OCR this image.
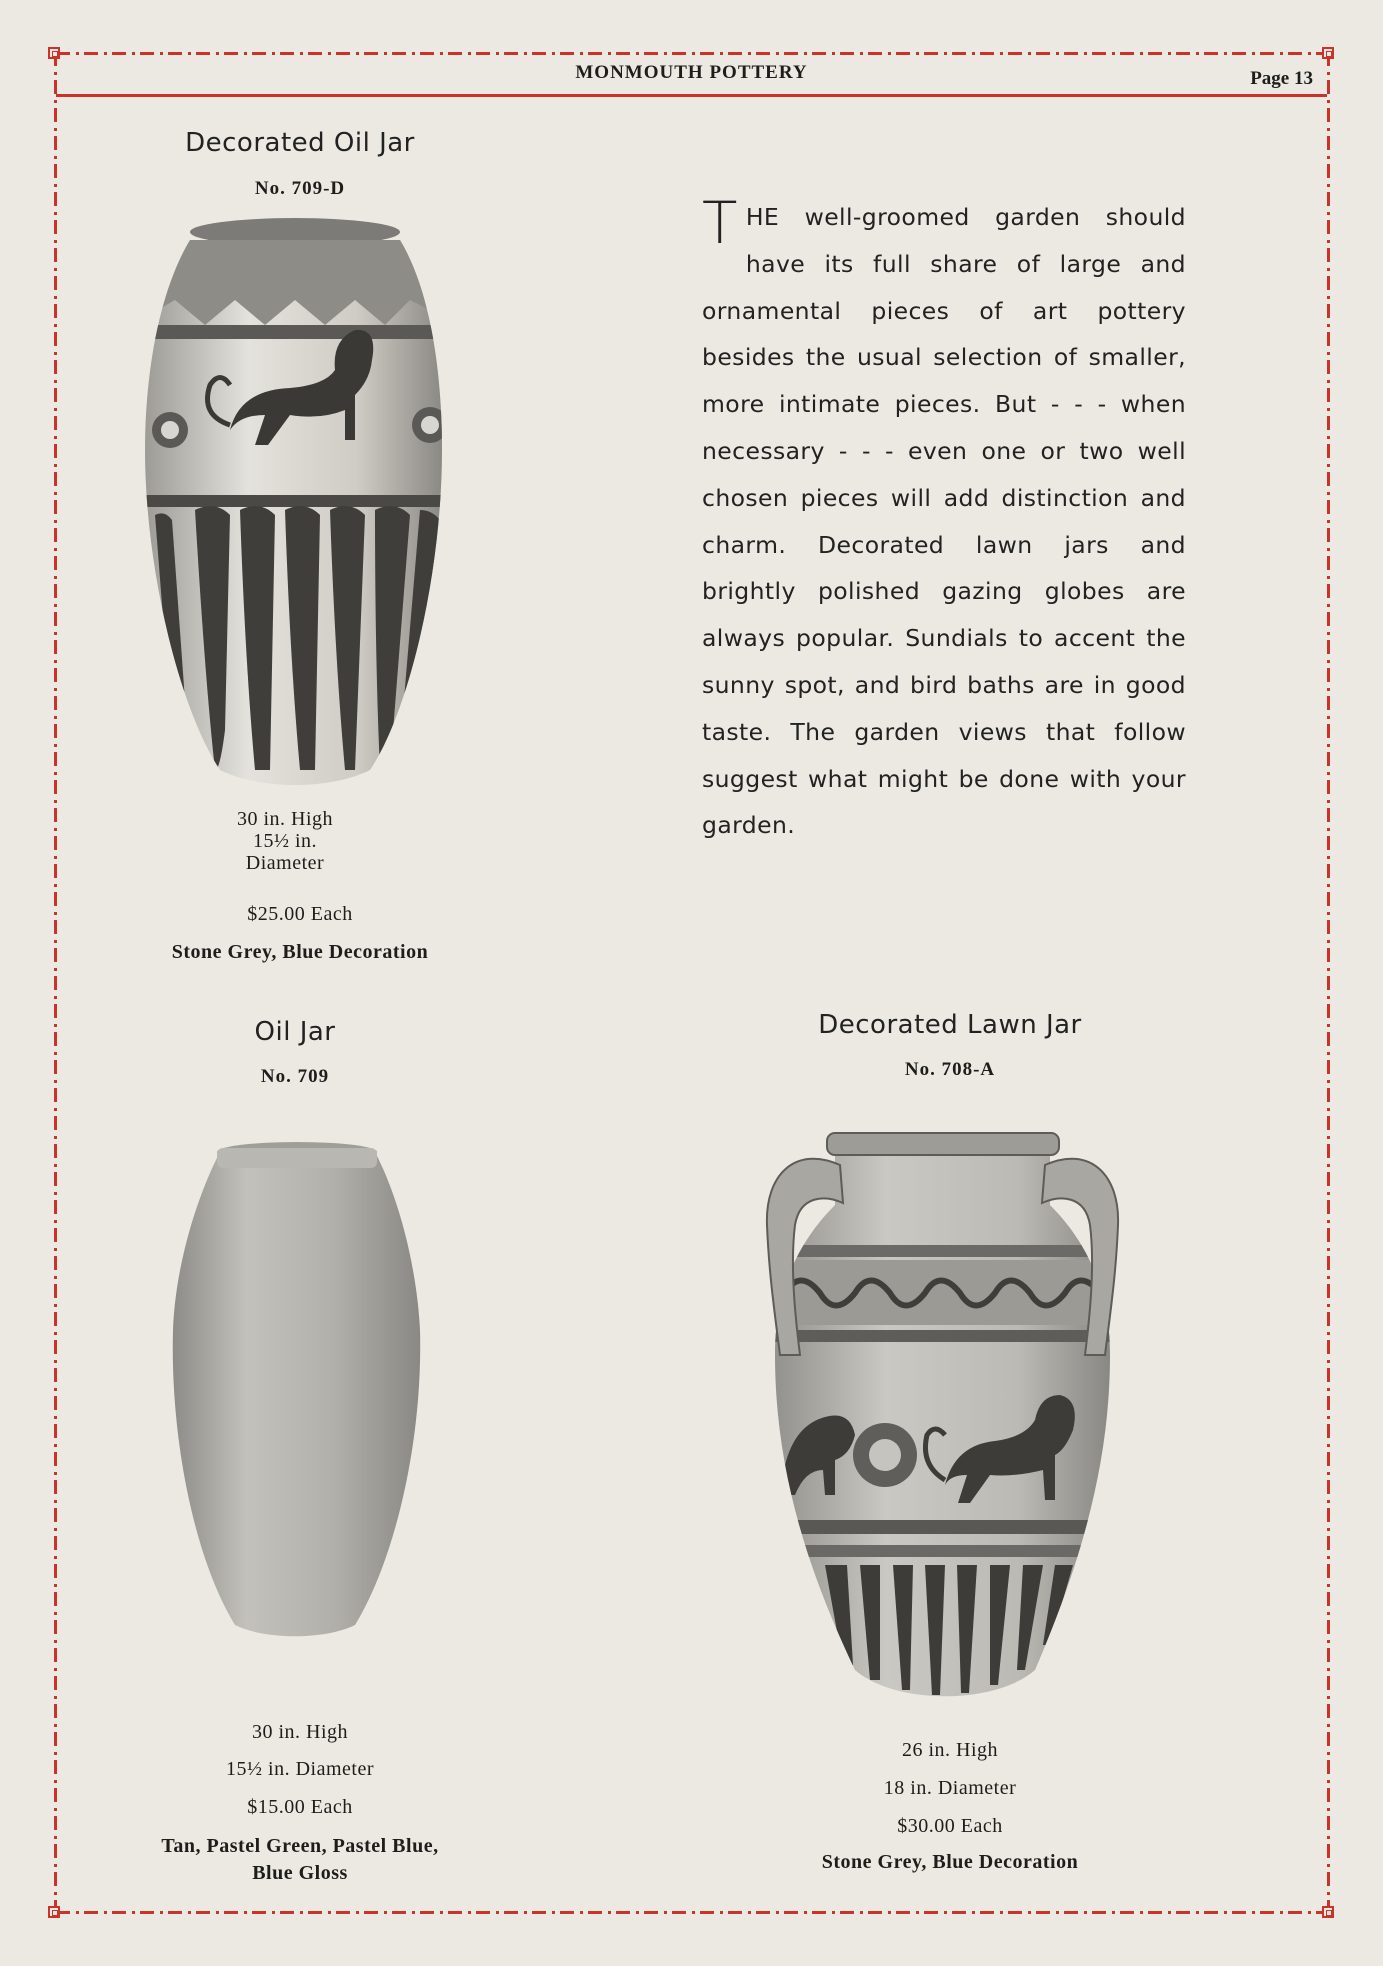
MONMOUTH POTTERY	Page 13
Decorated Oil Jar
No. 709-D
30 in. High
15½ in.
Diameter
$25.00 Each
Stone Grey, Blue Decoration
THE well-groomed garden should have its full share of large and ornamental pieces of art pottery besides the usual selection of smaller, more intimate pieces. But - - - when necessary - - - even one or two well chosen pieces will add distinction and charm. Decorated lawn jars and brightly polished gazing globes are always popular. Sundials to accent the sunny spot, and bird baths are in good taste. The garden views that follow suggest what might be done with your garden.
Oil Jar
No. 709
30 in. High
15½ in. Diameter
$15.00 Each
Tan, Pastel Green, Pastel Blue,
Blue Gloss
Decorated Lawn Jar
No. 708-A
26 in. High
18 in. Diameter
$30.00 Each
Stone Grey, Blue Decoration
